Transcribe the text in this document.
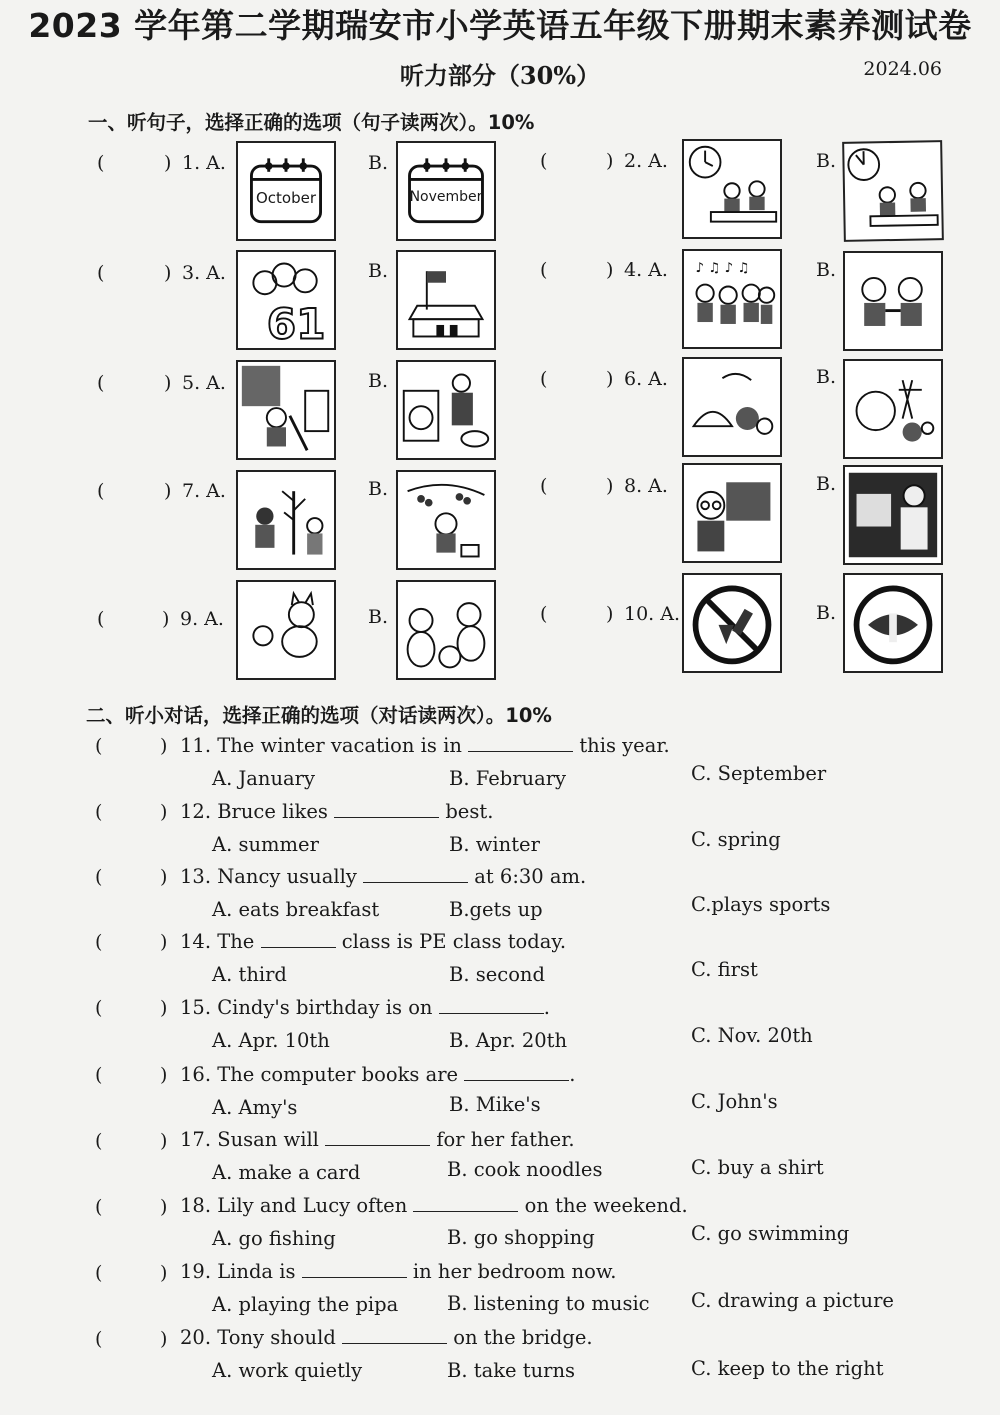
2023 学年第二学期瑞安市小学英语五年级下册期末素养测试卷
听力部分（30%）	2024.06
一、听句子，选择正确的选项（句子读两次）。10%
(	) 1. A.
October
B.
November
(	) 2. A.	B.
(	) 3. A.
61
B.	(	) 4. A. ♪ ♫ ♪ ♫	B.
(	) 5. A.	B.	(	) 6. A.	B.
(	) 7. A.	B.	(	) 8. A.	B.
(	) 9. A.	B.	(	) 10. A.	B.
二、听小对话，选择正确的选项（对话读两次）。10%
(	) 11. The winter vacation is in	this year.
A. January	B. February	C. September
(	) 12. Bruce likes	best.
A. summer	B. winter	C. spring
(	) 13. Nancy usually	at 6:30 am.
A. eats breakfast	B.gets up	C.plays sports
(	) 14. The	class is PE class today.
A. third	B. second	C. first
(	) 15. Cindy's birthday is on	.
A. Apr. 10th	B. Apr. 20th	C. Nov. 20th
(	) 16. The computer books are	.
A. Amy's	B. Mike's	C. John's
(	) 17. Susan will	for her father.
A. make a card	B. cook noodles	C. buy a shirt
(	) 18. Lily and Lucy often	on the weekend.
A. go fishing	B. go shopping	C. go swimming
(	) 19. Linda is	in her bedroom now.
A. playing the pipa B. listening to music C. drawing a picture
(	) 20. Tony should	on the bridge.
A. work quietly	B. take turns	C. keep to the right
